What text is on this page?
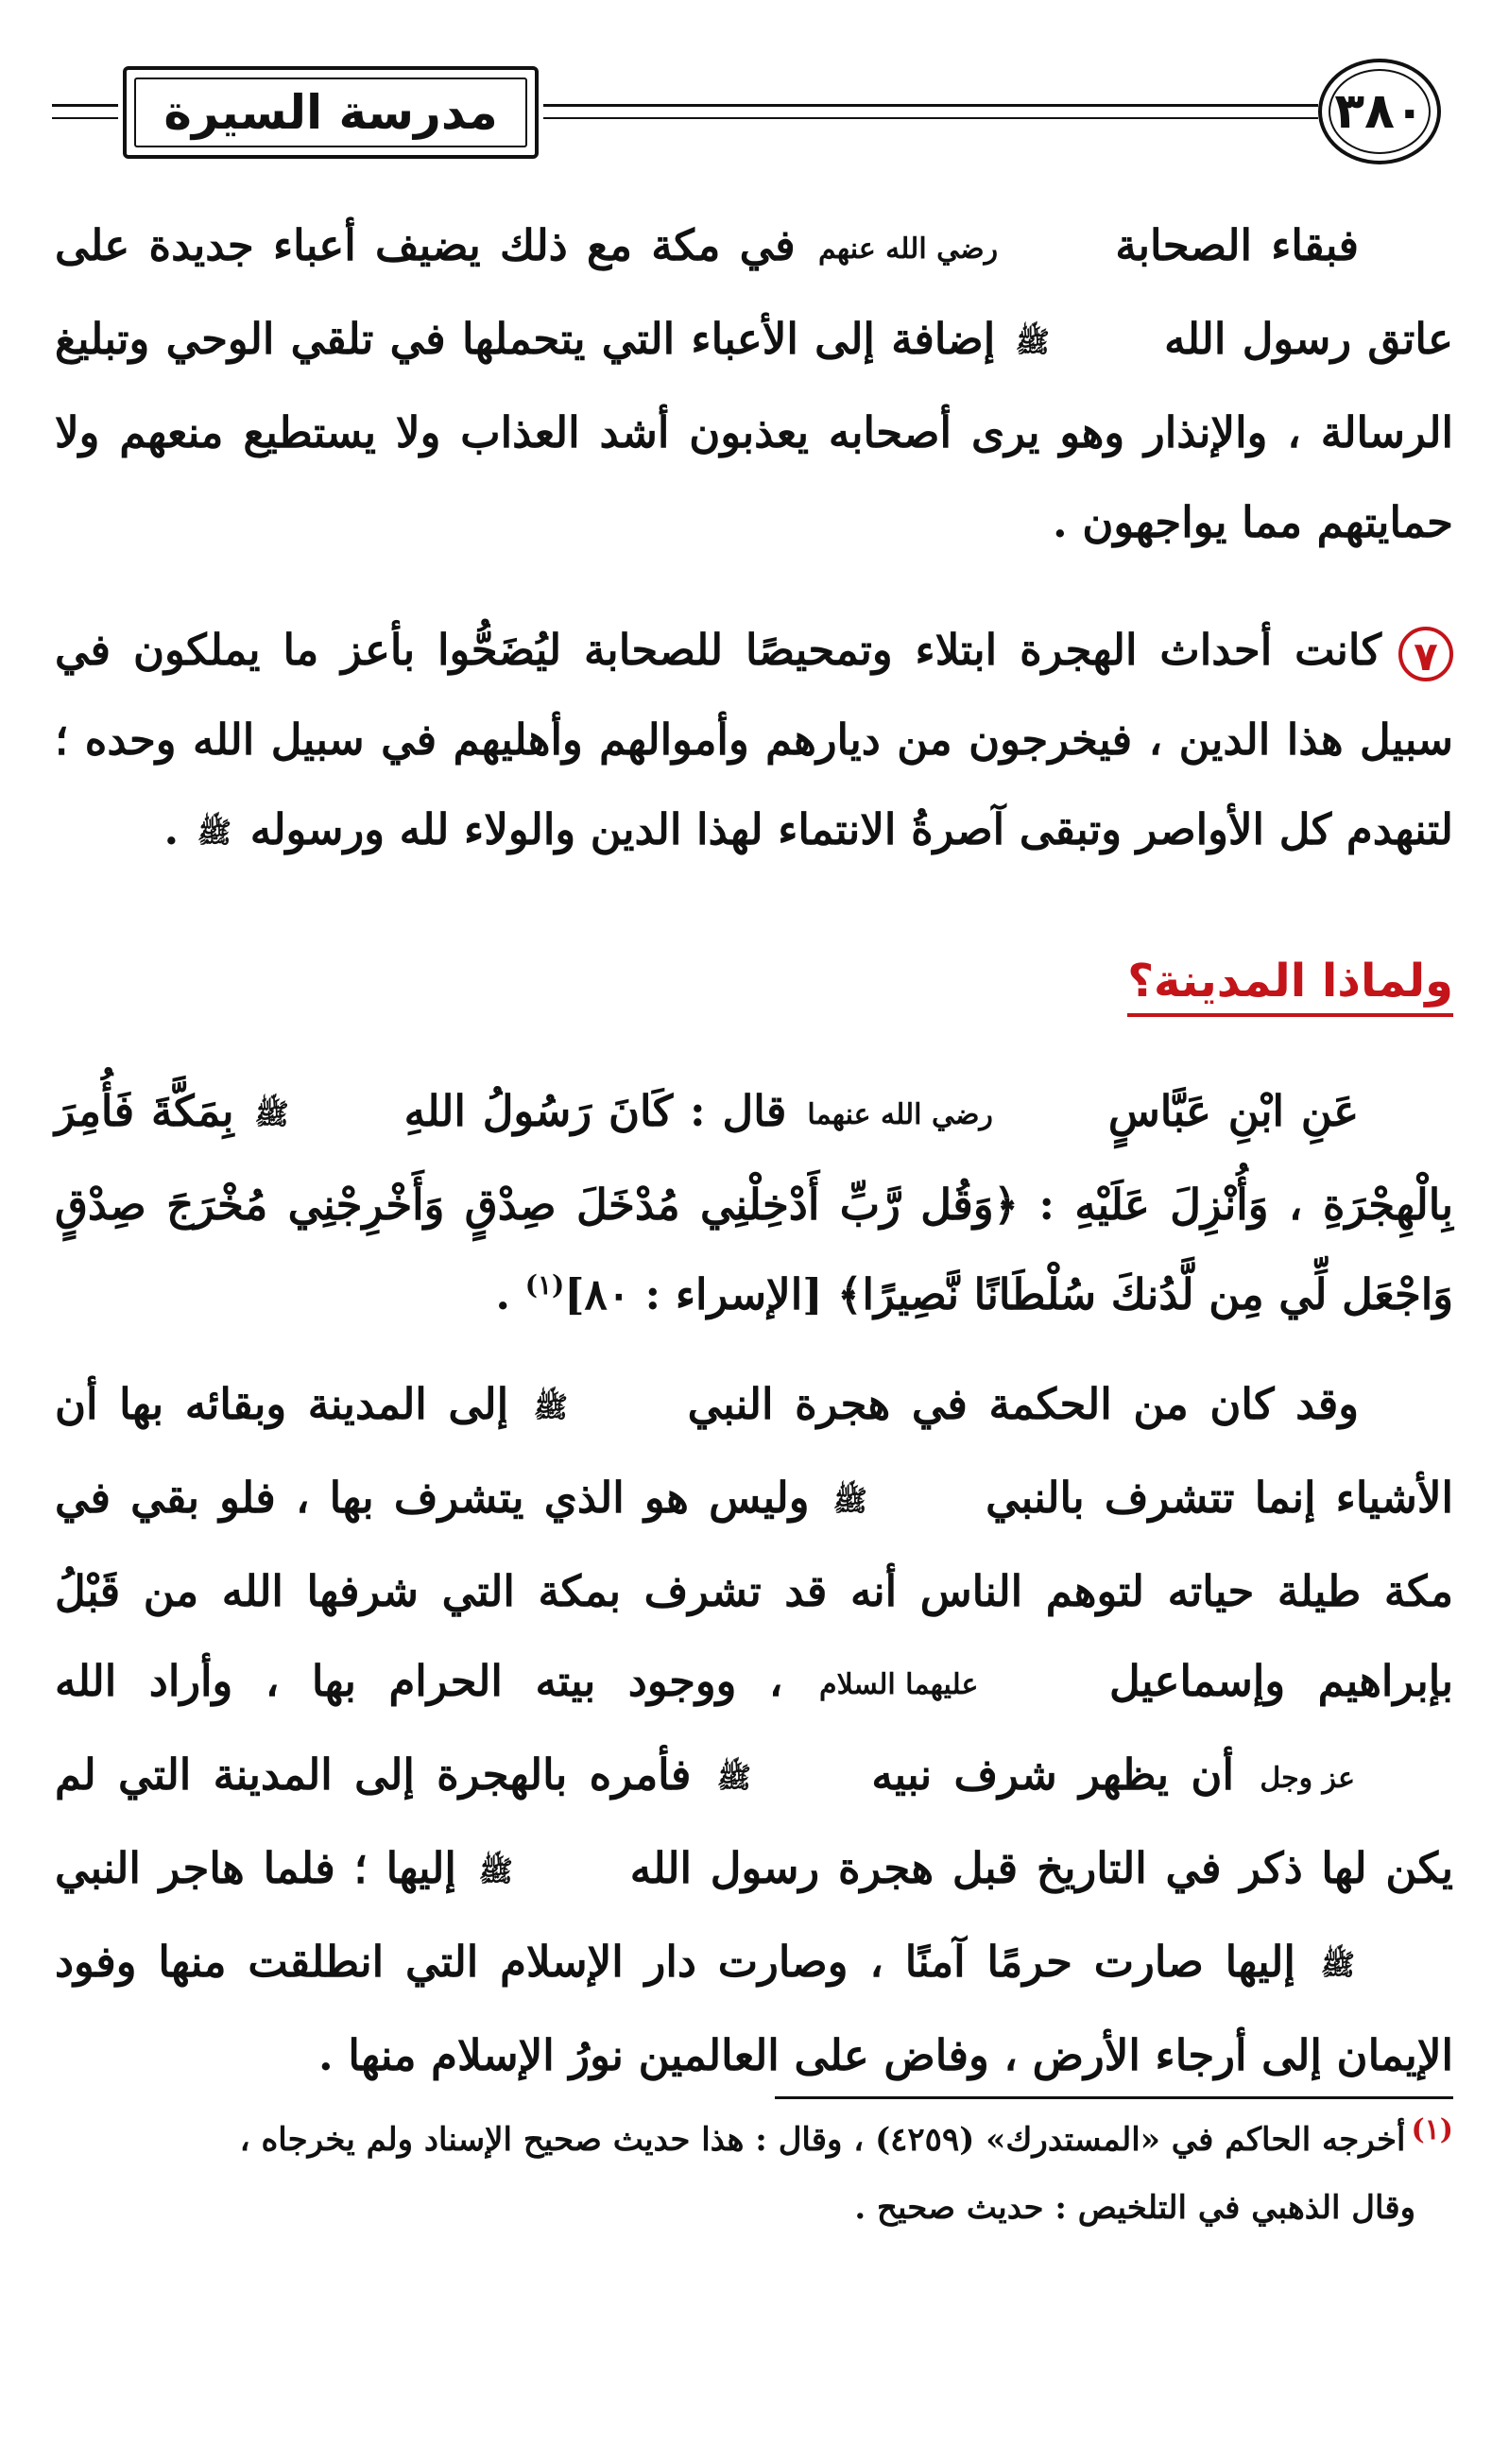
مدرسة السيرة	٣٨٠
فبقاء الصحابة رضي الله عنهم في مكة مع ذلك يضيف أعباء جديدة على عاتق رسول الله ﷺ إضافة إلى الأعباء التي يتحملها في تلقي الوحي وتبليغ الرسالة ، والإنذار وهو يرى أصحابه يعذبون أشد العذاب ولا يستطيع منعهم ولا حمايتهم مما يواجهون .
٧كانت أحداث الهجرة ابتلاء وتمحيصًا للصحابة ليُضَحُّوا بأعز ما يملكون في سبيل هذا الدين ، فيخرجون من ديارهم وأموالهم وأهليهم في سبيل الله وحده ؛ لتنهدم كل الأواصر وتبقى آصرةُ الانتماء لهذا الدين والولاء لله ورسوله ﷺ .
ولماذا المدينة؟
عَنِ ابْنِ عَبَّاسٍ رضي الله عنهما قال : كَانَ رَسُولُ اللهِ ﷺ بِمَكَّةَ فَأُمِرَ بِالْهِجْرَةِ ، وَأُنْزِلَ عَلَيْهِ : ﴿وَقُل رَّبِّ أَدْخِلْنِي مُدْخَلَ صِدْقٍ وَأَخْرِجْنِي مُخْرَجَ صِدْقٍ وَاجْعَل لِّي مِن لَّدُنكَ سُلْطَانًا نَّصِيرًا﴾ [الإسراء : ٨٠]$^{(١)}$ .
وقد كان من الحكمة في هجرة النبي ﷺ إلى المدينة وبقائه بها أن الأشياء إنما تتشرف بالنبي ﷺ وليس هو الذي يتشرف بها ، فلو بقي في مكة طيلة حياته لتوهم الناس أنه قد تشرف بمكة التي شرفها الله من قَبْلُ بإبراهيم وإسماعيل عليهما السلام ، ووجود بيته الحرام بها ، وأراد الله عز وجل أن يظهر شرف نبيه ﷺ فأمره بالهجرة إلى المدينة التي لم يكن لها ذكر في التاريخ قبل هجرة رسول الله ﷺ إليها ؛ فلما هاجر النبي ﷺ إليها صارت حرمًا آمنًا ، وصارت دار الإسلام التي انطلقت منها وفود الإيمان إلى أرجاء الأرض ، وفاض على العالمين نورُ الإسلام منها .
(١)أخرجه الحاكم في «المستدرك» (٤٢٥٩) ، وقال : هذا حديث صحيح الإسناد ولم يخرجاه ،
وقال الذهبي في التلخيص : حديث صحيح .
